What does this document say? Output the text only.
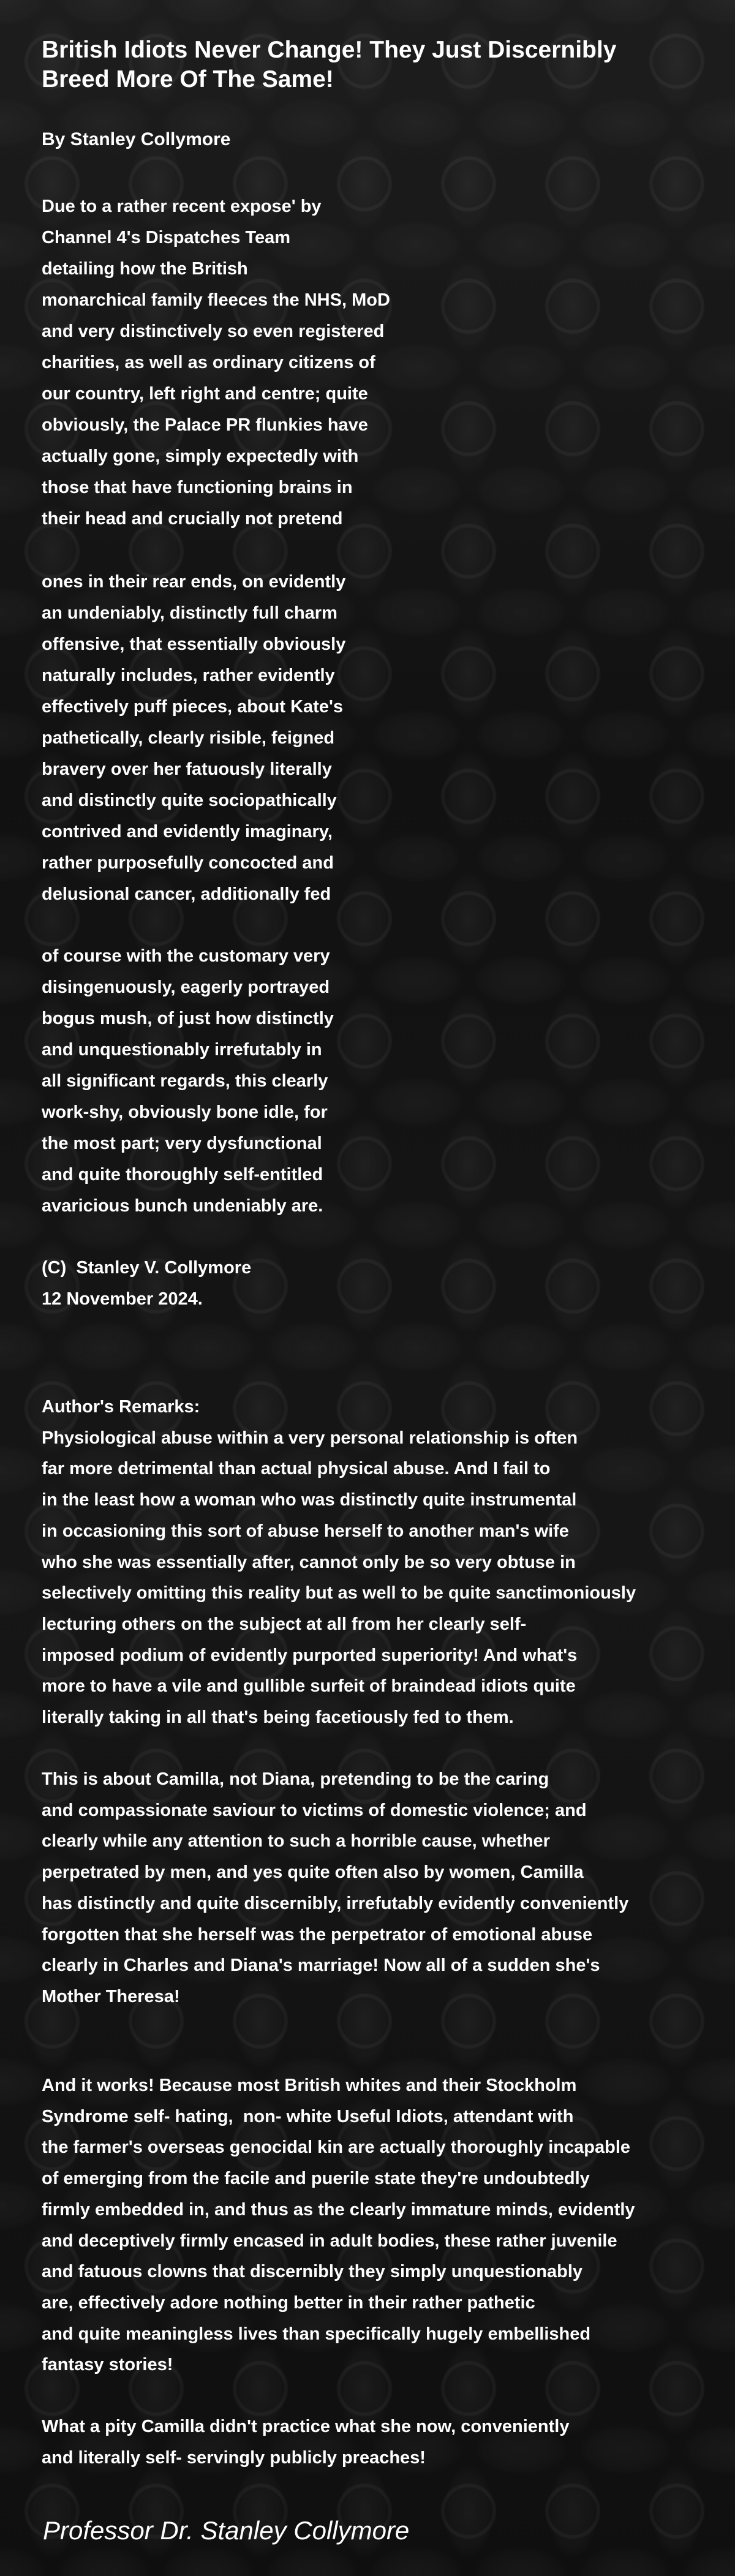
British Idiots Never Change! They Just Discernibly
Breed More Of The Same!

By Stanley Collymore

Due to a rather recent expose' by
Channel 4's Dispatches Team
detailing how the British
monarchical family fleeces the NHS, MoD
and very distinctively so even registered
charities, as well as ordinary citizens of
our country, left right and centre; quite
obviously, the Palace PR flunkies have
actually gone, simply expectedly with
those that have functioning brains in
their head and crucially not pretend

ones in their rear ends, on evidently
an undeniably, distinctly full charm
offensive, that essentially obviously
naturally includes, rather evidently
effectively puff pieces, about Kate's
pathetically, clearly risible, feigned
bravery over her fatuously literally
and distinctly quite sociopathically
contrived and evidently imaginary,
rather purposefully concocted and
delusional cancer, additionally fed

of course with the customary very
disingenuously, eagerly portrayed
bogus mush, of just how distinctly
and unquestionably irrefutably in
all significant regards, this clearly
work-shy, obviously bone idle, for
the most part; very dysfunctional
and quite thoroughly self-entitled
avaricious bunch undeniably are.

(C)  Stanley V. Collymore
12 November 2024.

Author's Remarks:
Physiological abuse within a very personal relationship is often
far more detrimental than actual physical abuse. And I fail to
in the least how a woman who was distinctly quite instrumental
in occasioning this sort of abuse herself to another man's wife
who she was essentially after, cannot only be so very obtuse in
selectively omitting this reality but as well to be quite sanctimoniously
lecturing others on the subject at all from her clearly self-
imposed podium of evidently purported superiority! And what's
more to have a vile and gullible surfeit of braindead idiots quite
literally taking in all that's being facetiously fed to them.

This is about Camilla, not Diana, pretending to be the caring
and compassionate saviour to victims of domestic violence; and
clearly while any attention to such a horrible cause, whether
perpetrated by men, and yes quite often also by women, Camilla
has distinctly and quite discernibly, irrefutably evidently conveniently
forgotten that she herself was the perpetrator of emotional abuse
clearly in Charles and Diana's marriage! Now all of a sudden she's
Mother Theresa!

And it works! Because most British whites and their Stockholm
Syndrome self- hating,  non- white Useful Idiots, attendant with
the farmer's overseas genocidal kin are actually thoroughly incapable
of emerging from the facile and puerile state they're undoubtedly
firmly embedded in, and thus as the clearly immature minds, evidently
and deceptively firmly encased in adult bodies, these rather juvenile
and fatuous clowns that discernibly they simply unquestionably
are, effectively adore nothing better in their rather pathetic
and quite meaningless lives than specifically hugely embellished
fantasy stories!

What a pity Camilla didn't practice what she now, conveniently
and literally self- servingly publicly preaches!

Professor Dr. Stanley Collymore
